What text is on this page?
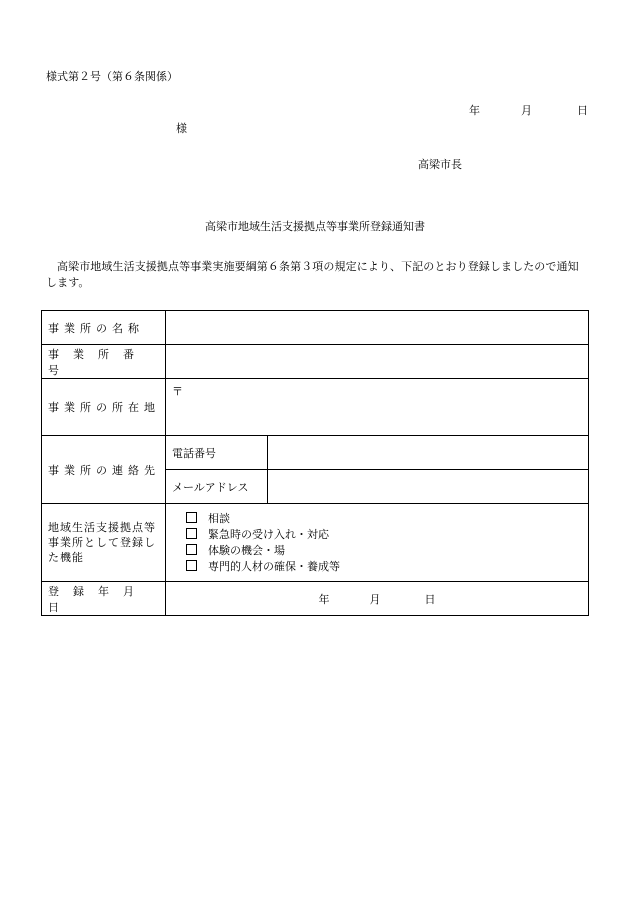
様式第２号（第６条関係）
年	月	日
様
高梁市長
高梁市地域生活支援拠点等事業所登録通知書
高梁市地域生活支援拠点等事業実施要綱第６条第３項の規定により、下記のとおり登録しましたので通知します。
事業所の名称		
事業所番号		
事業所の所在地	〒	
事業所の連絡先	電話番号	
	メールアドレス	
地域生活支援拠点等事業所として登録した機能	相談
緊急時の受け入れ・対応
体験の機会・場
専門的人材の確保・養成等	

登録年月日	年 月 日	
